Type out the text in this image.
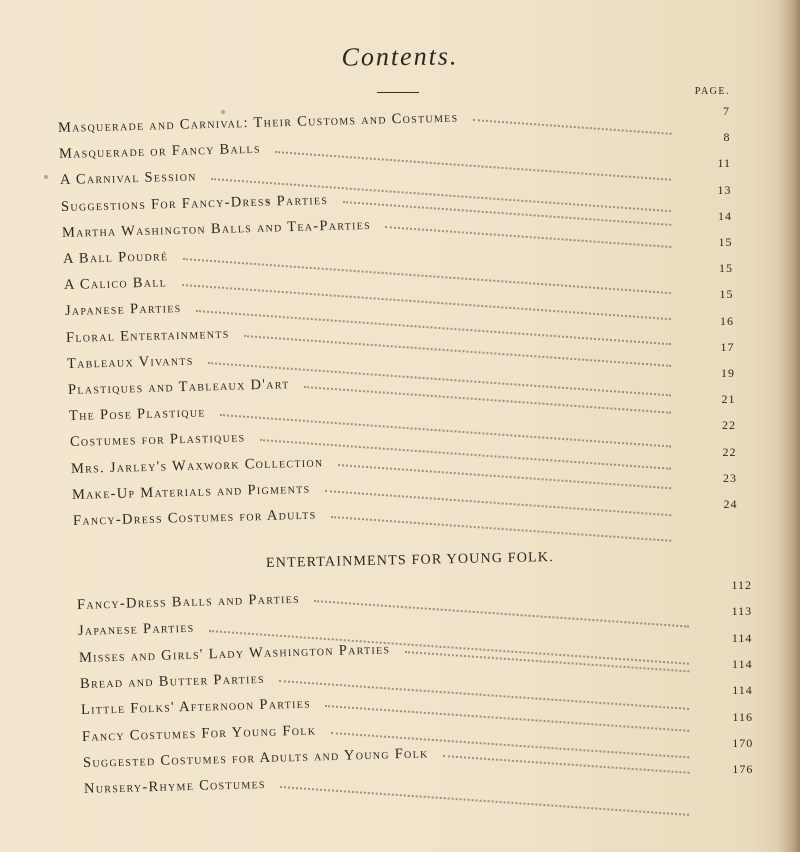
Contents.
PAGE.
ENTERTAINMENTS FOR YOUNG FOLK.
Masquerade and Carnival: Their Customs and Costumes	7
Masquerade or Fancy Balls
8
A Carnival Session
11
Suggestions For Fancy-Dress Parties
13
Martha Washington Balls and Tea-Parties
14
A Ball Poudré
15
A Calico Ball
15
Japanese Parties
15
Floral Entertainments
16
Tableaux Vivants
17
Plastiques and Tableaux D'art
19
The Pose Plastique
21
Costumes for Plastiques
22
Mrs. Jarley's Waxwork Collection
22
Make-Up Materials and Pigments
23
Fancy-Dress Costumes for Adults
24
Fancy-Dress Balls and Parties
112
Japanese Parties
113
Misses and Girls' Lady Washington Parties
114
Bread and Butter Parties
114
Little Folks' Afternoon Parties
114
Fancy Costumes For Young Folk
116
Suggested Costumes for Adults and Young Folk
170
Nursery-Rhyme Costumes
176
